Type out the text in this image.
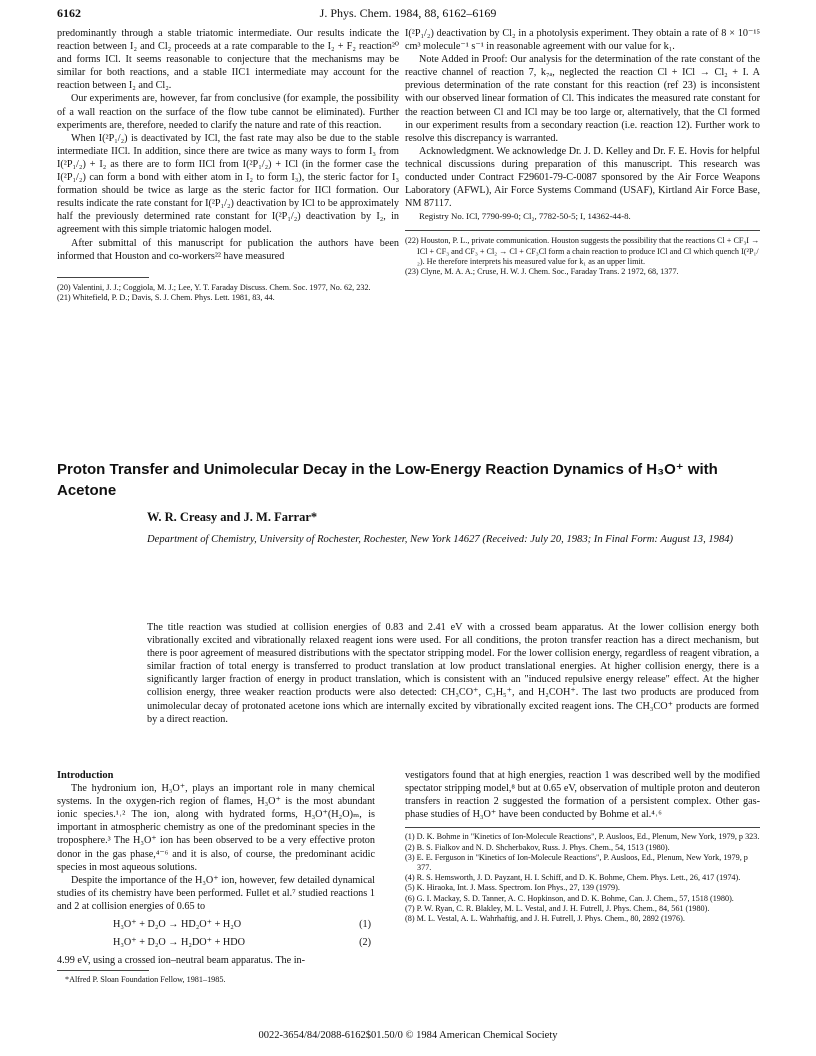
6162	J. Phys. Chem. 1984, 88, 6162–6169

predominantly through a stable triatomic intermediate. Our results indicate the reaction between I₂ and Cl₂ proceeds at a rate comparable to the I₂ + F₂ reaction²⁰ and forms ICl. It seems reasonable to conjecture that the mechanisms may be similar for both reactions, and a stable IIC1 intermediate may account for the reaction between I₂ and Cl₂.

Our experiments are, however, far from conclusive (for example, the possibility of a wall reaction on the surface of the flow tube cannot be eliminated). Further experiments are, therefore, needed to clarify the nature and rate of this reaction.

When I(²P₁/₂) is deactivated by ICl, the fast rate may also be due to the stable intermediate IICl. In addition, since there are twice as many ways to form I₃ from I(²P₁/₂) + I₂ as there are to form IICl from I(²P₁/₂) + ICl (in the former case the I(²P₁/₂) can form a bond with either atom in I₂ to form I₃), the steric factor for I₃ formation should be twice as large as the steric factor for IICl formation. Our results indicate the rate constant for I(²P₁/₂) deactivation by ICl to be approximately half the previously determined rate constant for I(²P₁/₂) deactivation by I₂, in agreement with this simple triatomic halogen model.

After submittal of this manuscript for publication the authors have been informed that Houston and co-workers²² have measured

(20) Valentini, J. J.; Coggiola, M. J.; Lee, Y. T. Faraday Discuss. Chem. Soc. 1977, No. 62, 232.
(21) Whitefield, P. D.; Davis, S. J. Chem. Phys. Lett. 1981, 83, 44.

I(²P₁/₂) deactivation by Cl₂ in a photolysis experiment. They obtain a rate of 8 × 10⁻¹⁵ cm³ molecule⁻¹ s⁻¹ in reasonable agreement with our value for k₁.

Note Added in Proof: Our analysis for the determination of the rate constant of the reactive channel of reaction 7, k₇ₐ, neglected the reaction Cl + ICl → Cl₂ + I. A previous determination of the rate constant for this reaction (ref 23) is inconsistent with our observed linear formation of Cl. This indicates the measured rate constant for the reaction between Cl and ICl may be too large or, alternatively, that the Cl formed in our experiment results from a secondary reaction (i.e. reaction 12). Further work to resolve this discrepancy is warranted.

Acknowledgment. We acknowledge Dr. J. D. Kelley and Dr. F. E. Hovis for helpful technical discussions during preparation of this manuscript. This research was conducted under Contract F29601-79-C-0087 sponsored by the Air Force Weapons Laboratory (AFWL), Air Force Systems Command (USAF), Kirtland Air Force Base, NM 87117.

Registry No. ICl, 7790-99-0; Cl₂, 7782-50-5; I, 14362-44-8.

(22) Houston, P. L., private communication. Houston suggests the possibility that the reactions Cl + CF₃I → ICl + CF₃ and CF₃ + Cl₂ → Cl + CF₃Cl form a chain reaction to produce ICl and Cl which quench I(²P₁/₂). He therefore interprets his measured value for k₁ as an upper limit.
(23) Clyne, M. A. A.; Cruse, H. W. J. Chem. Soc., Faraday Trans. 2 1972, 68, 1377.
Proton Transfer and Unimolecular Decay in the Low-Energy Reaction Dynamics of H₃O⁺ with Acetone
W. R. Creasy and J. M. Farrar*
Department of Chemistry, University of Rochester, Rochester, New York 14627 (Received: July 20, 1983; In Final Form: August 13, 1984)
The title reaction was studied at collision energies of 0.83 and 2.41 eV with a crossed beam apparatus. At the lower collision energy both vibrationally excited and vibrationally relaxed reagent ions were used. For all conditions, the proton transfer reaction has a direct mechanism, but there is poor agreement of measured distributions with the spectator stripping model. For the lower collision energy, regardless of reagent vibration, a similar fraction of total energy is transferred to product translation at low product translational energies. At higher collision energy, there is a significantly larger fraction of energy in product translation, which is consistent with an "induced repulsive energy release" effect. At the higher collision energy, three weaker reaction products were also detected: CH₃CO⁺, C₃H₅⁺, and H₂COH⁺. The last two products are produced from unimolecular decay of protonated acetone ions which are internally excited by vibrationally excited reagent ions. The CH₃CO⁺ products are formed by a direct reaction.
Introduction

The hydronium ion, H₃O⁺, plays an important role in many chemical systems. In the oxygen-rich region of flames, H₃O⁺ is the most abundant ionic species.¹˒² The ion, along with hydrated forms, H₃O⁺(H₂O)ₘ, is important in atmospheric chemistry as one of the predominant species in the troposphere.³ The H₃O⁺ ion has been observed to be a very effective proton donor in the gas phase,⁴⁻⁶ and it is also, of course, the predominant acidic species in most aqueous solutions.

Despite the importance of the H₃O⁺ ion, however, few detailed dynamical studies of its chemistry have been performed. Fullet et al.⁷ studied reactions 1 and 2 at collision energies of 0.65 to

H₃O⁺ + D₂O → HD₂O⁺ + H₂O	(1)
H₃O⁺ + D₂O → H₂DO⁺ + HDO	(2)

4.99 eV, using a crossed ion–neutral beam apparatus. The in-

*Alfred P. Sloan Foundation Fellow, 1981–1985.

vestigators found that at high energies, reaction 1 was described well by the modified spectator stripping model,⁸ but at 0.65 eV, observation of multiple proton and deuteron transfers in reaction 2 suggested the formation of a persistent complex. Other gas-phase studies of H₃O⁺ have been conducted by Bohme et al.⁴˒⁶

(1) D. K. Bohme in "Kinetics of Ion-Molecule Reactions", P. Ausloos, Ed., Plenum, New York, 1979, p 323.
(2) B. S. Fialkov and N. D. Shcherbakov, Russ. J. Phys. Chem., 54, 1513 (1980).
(3) E. E. Ferguson in "Kinetics of Ion-Molecule Reactions", P. Ausloos, Ed., Plenum, New York, 1979, p 377.
(4) R. S. Hemsworth, J. D. Payzant, H. I. Schiff, and D. K. Bohme, Chem. Phys. Lett., 26, 417 (1974).
(5) K. Hiraoka, Int. J. Mass. Spectrom. Ion Phys., 27, 139 (1979).
(6) G. I. Mackay, S. D. Tanner, A. C. Hopkinson, and D. K. Bohme, Can. J. Chem., 57, 1518 (1980).
(7) P. W. Ryan, C. R. Blakley, M. L. Vestal, and J. H. Futrell, J. Phys. Chem., 84, 561 (1980).
(8) M. L. Vestal, A. L. Wahrhaftig, and J. H. Futrell, J. Phys. Chem., 80, 2892 (1976).
0022-3654/84/2088-6162$01.50/0 © 1984 American Chemical Society
